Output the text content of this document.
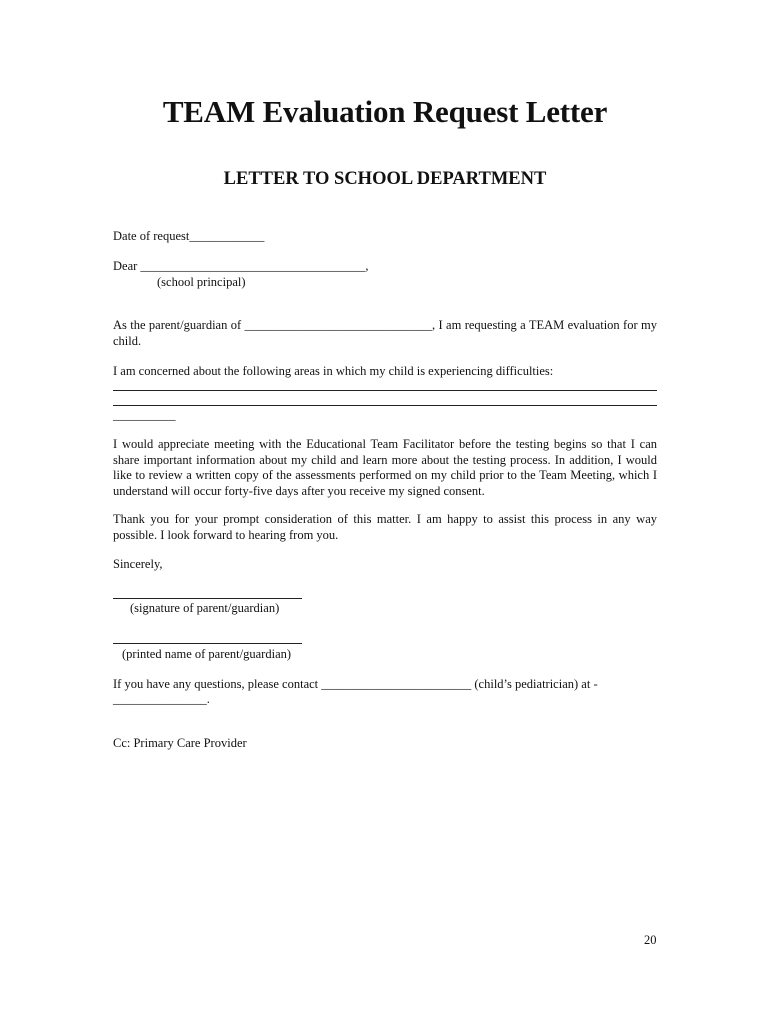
TEAM Evaluation Request Letter
LETTER TO SCHOOL DEPARTMENT

Date of request____________

Dear ____________________________________,

(school principal)

As the parent/guardian of ______________________________, I am requesting a TEAM evaluation for my child.

I am concerned about the following areas in which my child is experiencing difficulties:

__________

I would appreciate meeting with the Educational Team Facilitator before the testing begins so that I can share important information about my child and learn more about the testing process. In addition, I would like to review a written copy of the assessments performed on my child prior to the Team Meeting, which I understand will occur forty-five days after you receive my signed consent.

Thank you for your prompt consideration of this matter. I am happy to assist this process in any way possible. I look forward to hearing from you.

Sincerely,

(signature of parent/guardian)
(printed name of parent/guardian)

If you have any questions, please contact ________________________ (child’s pediatrician) at -

_______________.

Cc: Primary Care Provider

20
